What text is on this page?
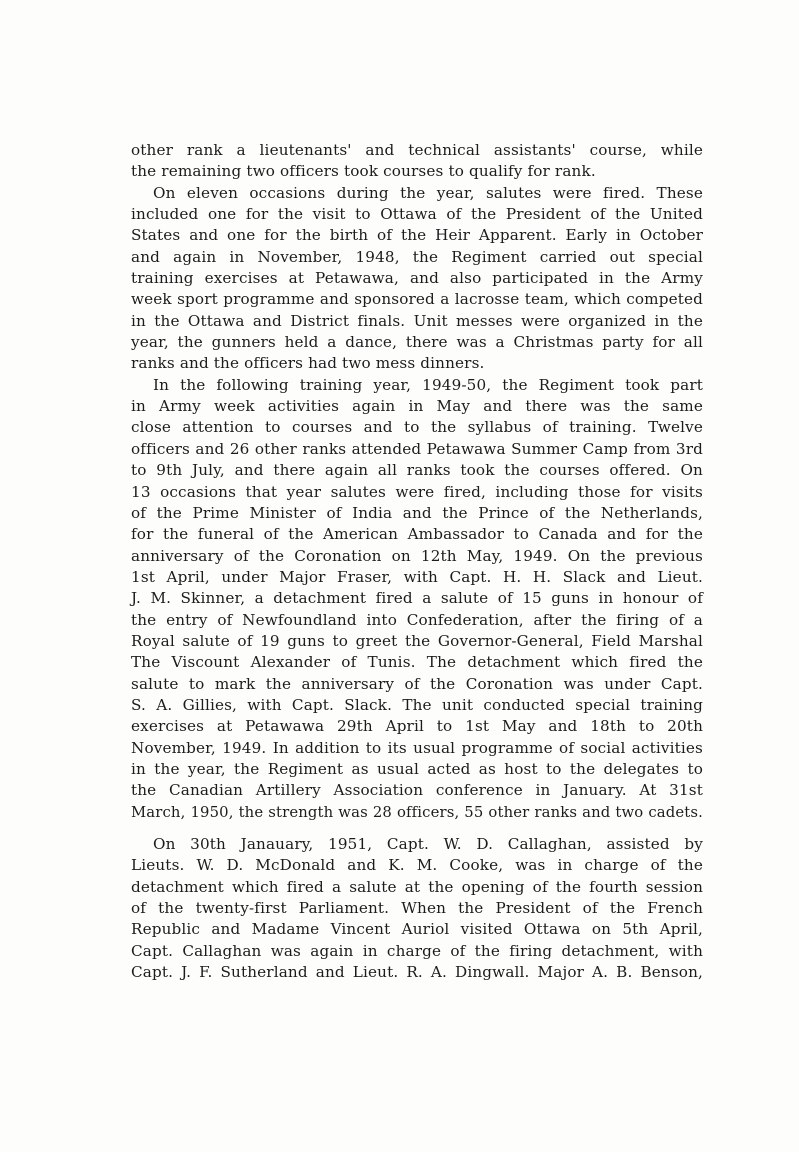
other rank a lieutenants' and technical assistants' course, while
the remaining two officers took courses to qualify for rank.
On eleven occasions during the year, salutes were fired. These
included one for the visit to Ottawa of the President of the United
States and one for the birth of the Heir Apparent. Early in October
and again in November, 1948, the Regiment carried out special
training exercises at Petawawa, and also participated in the Army
week sport programme and sponsored a lacrosse team, which competed
in the Ottawa and District finals. Unit messes were organized in the
year, the gunners held a dance, there was a Christmas party for all
ranks and the officers had two mess dinners.
In the following training year, 1949-50, the Regiment took part
in Army week activities again in May and there was the same
close attention to courses and to the syllabus of training. Twelve
officers and 26 other ranks attended Petawawa Summer Camp from 3rd
to 9th July, and there again all ranks took the courses offered. On
13 occasions that year salutes were fired, including those for visits
of the Prime Minister of India and the Prince of the Netherlands,
for the funeral of the American Ambassador to Canada and for the
anniversary of the Coronation on 12th May, 1949. On the previous
1st April, under Major Fraser, with Capt. H. H. Slack and Lieut.
J. M. Skinner, a detachment fired a salute of 15 guns in honour of
the entry of Newfoundland into Confederation, after the firing of a
Royal salute of 19 guns to greet the Governor-General, Field Marshal
The Viscount Alexander of Tunis. The detachment which fired the
salute to mark the anniversary of the Coronation was under Capt.
S. A. Gillies, with Capt. Slack. The unit conducted special training
exercises at Petawawa 29th April to 1st May and 18th to 20th
November, 1949. In addition to its usual programme of social activities
in the year, the Regiment as usual acted as host to the delegates to
the Canadian Artillery Association conference in January. At 31st
March, 1950, the strength was 28 officers, 55 other ranks and two cadets.
On 30th Janauary, 1951, Capt. W. D. Callaghan, assisted by
Lieuts. W. D. McDonald and K. M. Cooke, was in charge of the
detachment which fired a salute at the opening of the fourth session
of the twenty-first Parliament. When the President of the French
Republic and Madame Vincent Auriol visited Ottawa on 5th April,
Capt. Callaghan was again in charge of the firing detachment, with
Capt. J. F. Sutherland and Lieut. R. A. Dingwall. Major A. B. Benson,
